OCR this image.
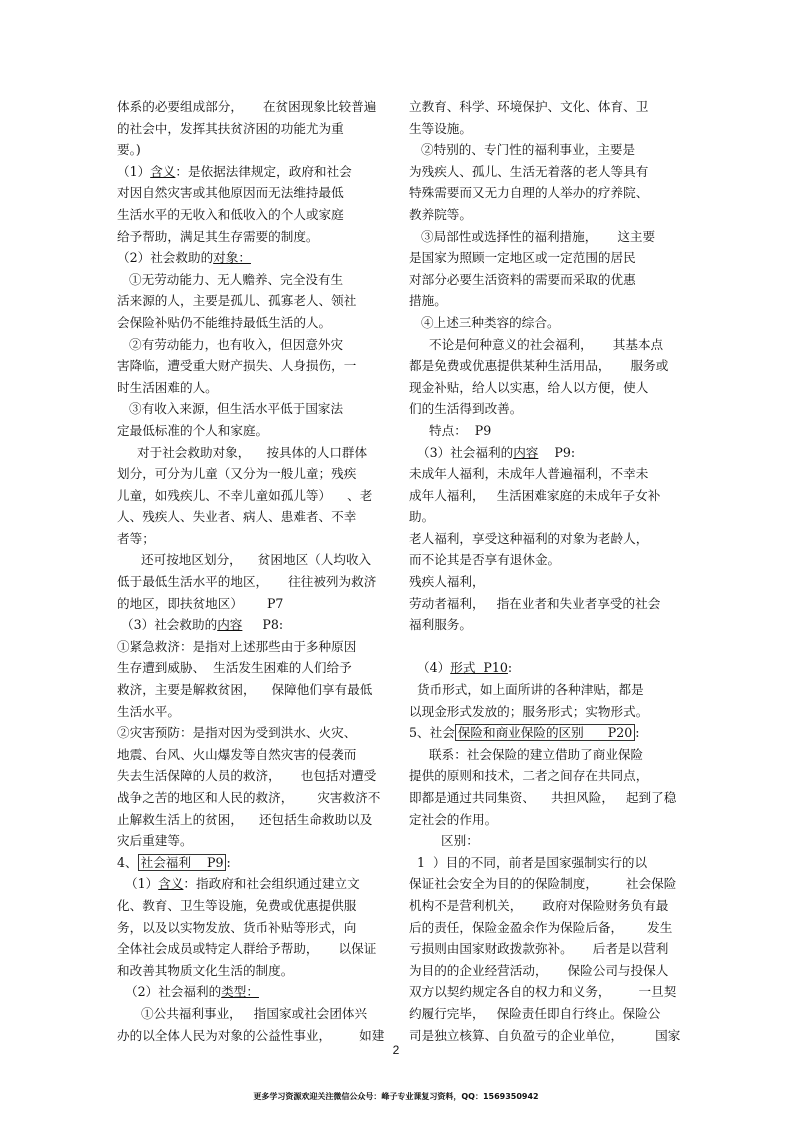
体系的必要组成部分，     在贫困现象比较普遍
的社会中，发挥其扶贫济困的功能尤为重
要。)
（1）含义：是依据法律规定，政府和社会
对因自然灾害或其他原因而无法维持最低
生活水平的无收入和低收入的个人或家庭
给予帮助，满足其生存需要的制度。
（2）社会救助的对象：
①无劳动能力、无人赡养、完全没有生
活来源的人，主要是孤儿、孤寡老人、领社
会保险补贴仍不能维持最低生活的人。
②有劳动能力，也有收入，但因意外灾
害降临，遭受重大财产损失、人身损伤，一
时生活困难的人。
③有收入来源，但生活水平低于国家法
定最低标准的个人和家庭。
对于社会救助对象，    按具体的人口群体
划分，可分为儿童（又分为一般儿童；残疾
儿童，如残疾儿、不幸儿童如孤儿等）    、老
人、残疾人、失业者、病人、患难者、不幸
者等；
还可按地区划分，    贫困地区（人均收入
低于最低生活水平的地区，     往往被列为救济
的地区，即扶贫地区）      P7
（3）社会救助的内容     P8:
①紧急救济：是指对上述那些由于多种原因
生存遭到威胁、  生活发生困难的人们给予
救济，主要是解救贫困，    保障他们享有最低
生活水平。
②灾害预防：是指对因为受到洪水、火灾、
地震、台风、火山爆发等自然灾害的侵袭而
失去生活保障的人员的救济，     也包括对遭受
战争之苦的地区和人民的救济，      灾害救济不
止解救生活上的贫困，    还包括生命救助以及
灾后重建等。
4、 社会福利    P9 :
（1）含义：指政府和社会组织通过建立文
化、教育、卫生等设施，免费或优惠提供服
务，以及以实物发放、货币补贴等形式，向
全体社会成员或特定人群给予帮助，     以保证
和改善其物质文化生活的制度。
（2）社会福利的类型：
①公共福利事业，   指国家或社会团体兴
办的以全体人民为对象的公益性事业，       如建
立教育、科学、环境保护、文化、体育、卫
生等设施。
②特别的、专门性的福利事业，主要是
为残疾人、孤儿、生活无着落的老人等具有
特殊需要而又无力自理的人举办的疗养院、
教养院等。
③局部性或选择性的福利措施，     这主要
是国家为照顾一定地区或一定范围的居民
对部分必要生活资料的需要而采取的优惠
措施。
④上述三种类容的综合。
不论是何种意义的社会福利，     其基本点
都是免费或优惠提供某种生活用品，     服务或
现金补贴，给人以实惠，给人以方便，使人
们的生活得到改善。
特点：  P9
（3）社会福利的内容    P9:
未成年人福利，未成年人普遍福利，不幸未
成年人福利，   生活困难家庭的未成年子女补
助。
老人福利，享受这种福利的对象为老龄人，
而不论其是否享有退休金。
残疾人福利，
劳动者福利，   指在业者和失业者享受的社会
福利服务。
（4）形式  P10:
货币形式，如上面所讲的各种津贴，都是
以现金形式发放的；服务形式；实物形式。
5、社会 保险和商业保险的区别      P20 :
联系：社会保险的建立借助了商业保险
提供的原则和技术，二者之间存在共同点，
即都是通过共同集资、    共担风险，   起到了稳
定社会的作用。
区别：
1  ）目的不同，前者是国家强制实行的以
保证社会安全为目的的保险制度，       社会保险
机构不是营利机关，     政府对保险财务负有最
后的责任，保险金盈余作为保险后备，      发生
亏损则由国家财政拨款弥补。     后者是以营利
为目的的企业经营活动，     保险公司与投保人
双方以契约规定各自的权力和义务，       一旦契
约履行完毕，   保险责任即自行终止。保险公
司是独立核算、自负盈亏的企业单位，        国家
2
更多学习资源欢迎关注微信公众号：峰子专业课复习资料，QQ：1569350942
